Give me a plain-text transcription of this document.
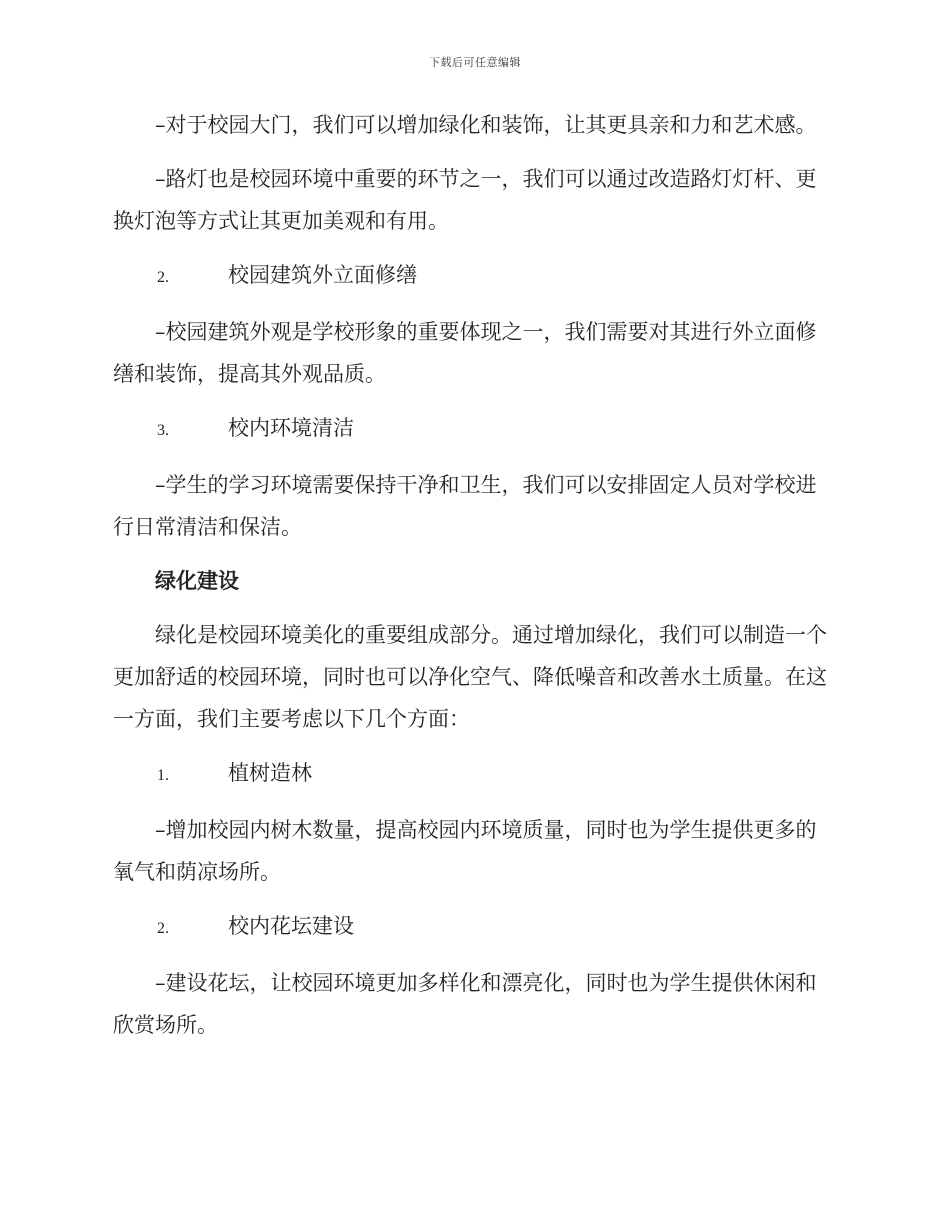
下载后可任意编辑

–对于校园大门，我们可以增加绿化和装饰，让其更具亲和力和艺术感。

–路灯也是校园环境中重要的环节之一，我们可以通过改造路灯灯杆、更换灯泡等方式让其更加美观和有用。

2.	校园建筑外立面修缮

–校园建筑外观是学校形象的重要体现之一，我们需要对其进行外立面修缮和装饰，提高其外观品质。

3.	校内环境清洁

–学生的学习环境需要保持干净和卫生，我们可以安排固定人员对学校进行日常清洁和保洁。

绿化建设

绿化是校园环境美化的重要组成部分。通过增加绿化，我们可以制造一个更加舒适的校园环境，同时也可以净化空气、降低噪音和改善水土质量。在这一方面，我们主要考虑以下几个方面：

1.	植树造林

–增加校园内树木数量，提高校园内环境质量，同时也为学生提供更多的氧气和荫凉场所。

2.	校内花坛建设

–建设花坛，让校园环境更加多样化和漂亮化，同时也为学生提供休闲和欣赏场所。
